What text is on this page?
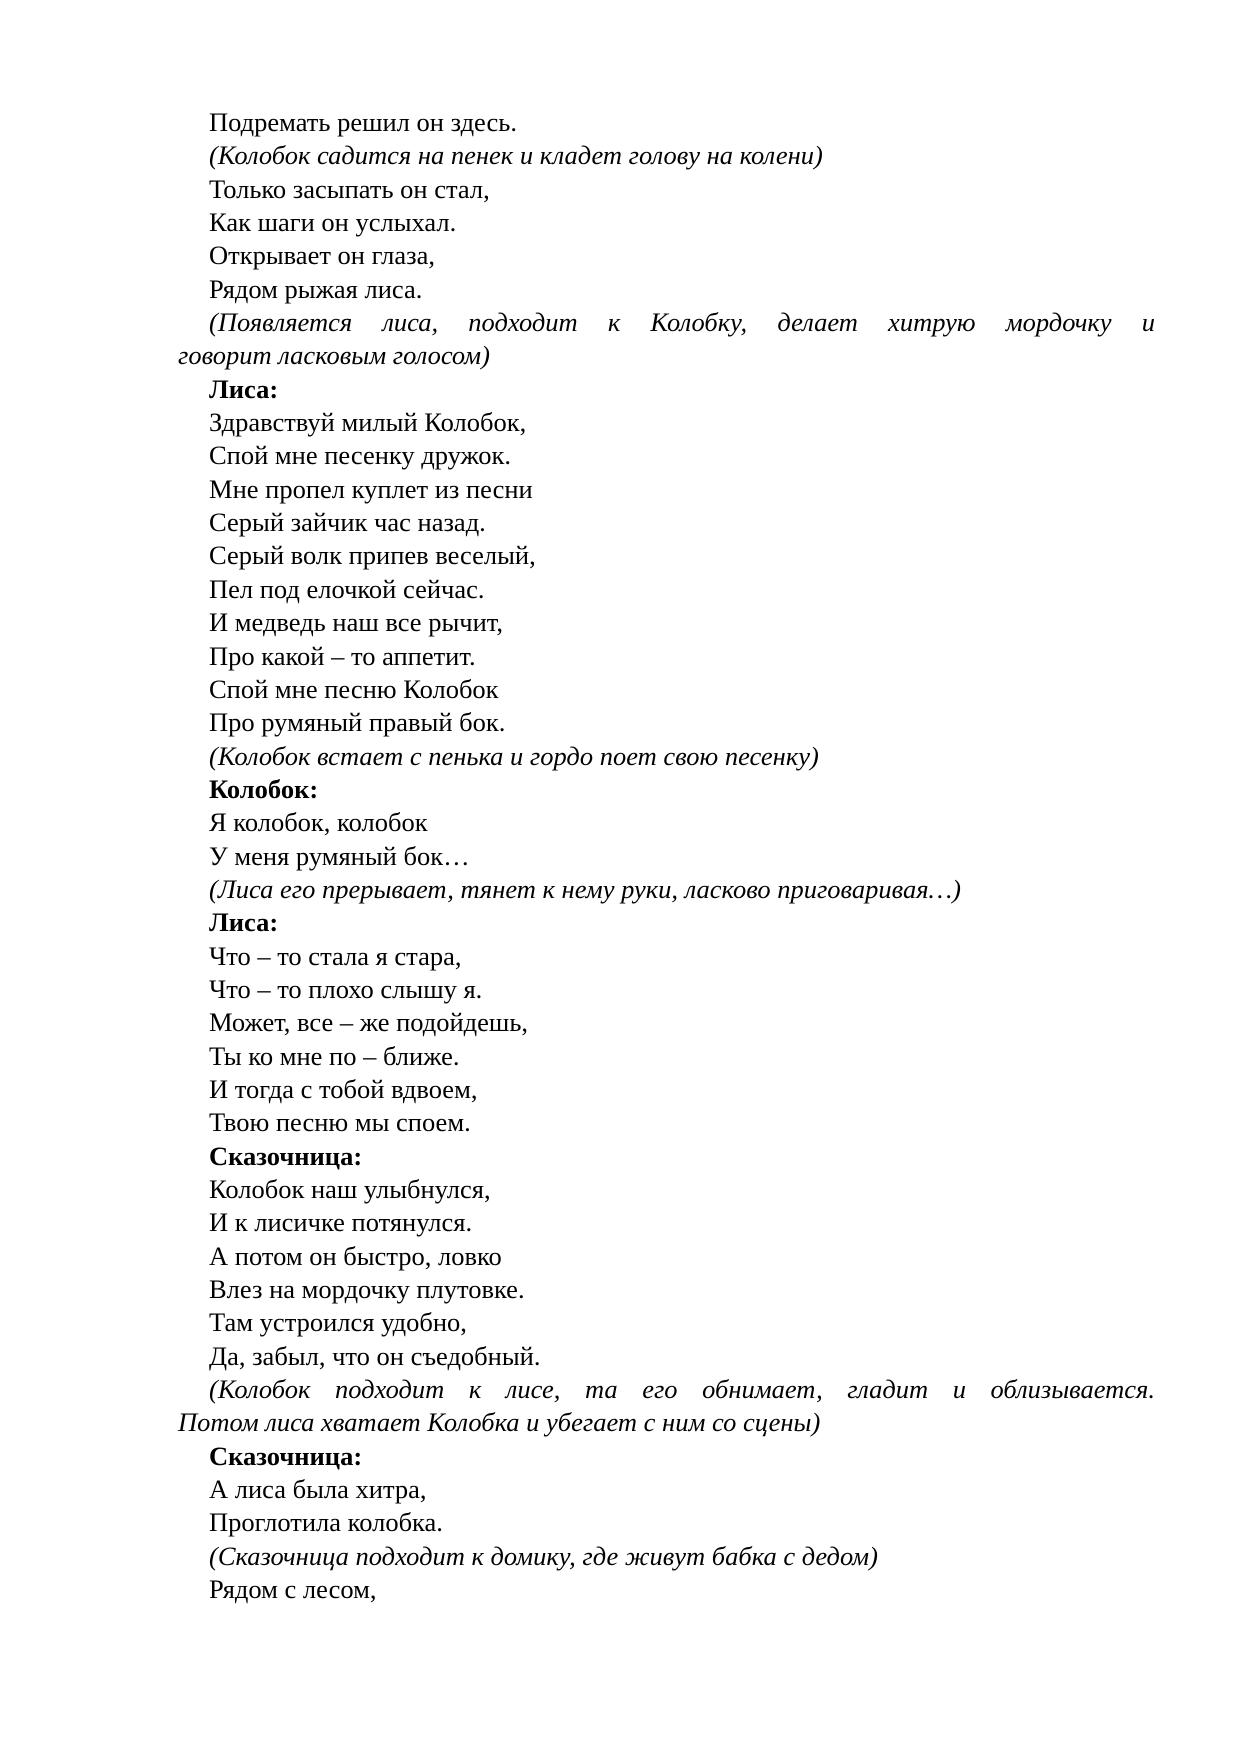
Подремать решил он здесь.
(Колобок садится на пенек и кладет голову на колени)
Только засыпать он стал,
Как шаги он услыхал.
Открывает он глаза,
Рядом рыжая лиса.
(Появляется лиса, подходит к Колобку, делает хитрую мордочку и
говорит ласковым голосом)
Лиса:
Здравствуй милый Колобок,
Спой мне песенку дружок.
Мне пропел куплет из песни
Серый зайчик час назад.
Серый волк припев веселый,
Пел под елочкой сейчас.
И медведь наш все рычит,
Про какой – то аппетит.
Спой мне песню Колобок
Про румяный правый бок.
(Колобок встает с пенька и гордо поет свою песенку)
Колобок:
Я колобок, колобок
У меня румяный бок…
(Лиса его прерывает, тянет к нему руки, ласково приговаривая…)
Лиса:
Что – то стала я стара,
Что – то плохо слышу я.
Может, все – же подойдешь,
Ты ко мне по – ближе.
И тогда с тобой вдвоем,
Твою песню мы споем.
Сказочница:
Колобок наш улыбнулся,
И к лисичке потянулся.
А потом он быстро, ловко
Влез на мордочку плутовке.
Там устроился удобно,
Да, забыл, что он съедобный.
(Колобок подходит к лисе, та его обнимает, гладит и облизывается.
Потом лиса хватает Колобка и убегает с ним со сцены)
Сказочница:
А лиса была хитра,
Проглотила колобка.
(Сказочница подходит к домику, где живут бабка с дедом)
Рядом с лесом,
